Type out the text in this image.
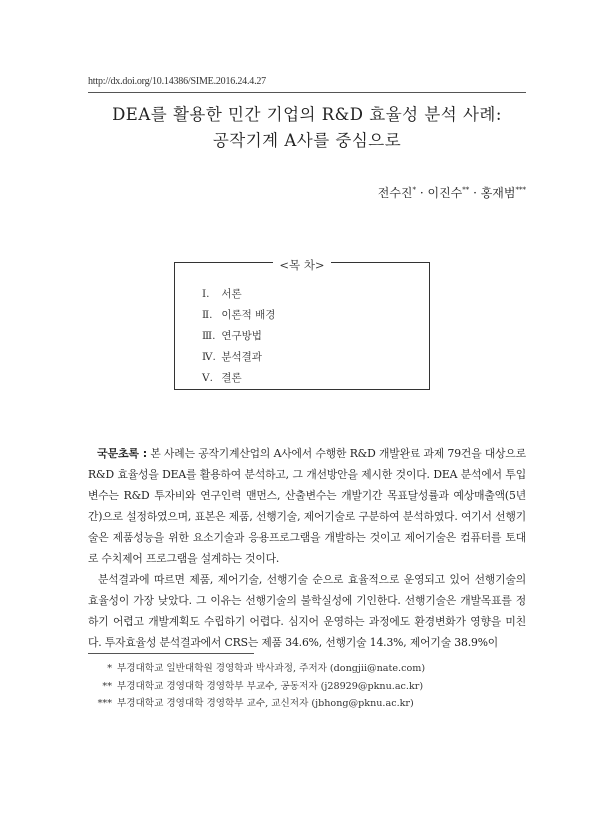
http://dx.doi.org/10.14386/SIME.2016.24.4.27
DEA를 활용한 민간 기업의 R&D 효율성 분석 사례:
공작기계 A사를 중심으로
전수진* · 이진수** · 홍재범***
<목 차>
Ⅰ. 서론
Ⅱ. 이론적 배경
Ⅲ. 연구방법
Ⅳ. 분석결과
Ⅴ. 결론

국문초록 : 본 사례는 공작기계산업의 A사에서 수행한 R&D 개발완료 과제 79건을 대상으로 R&D 효율성을 DEA를 활용하여 분석하고, 그 개선방안을 제시한 것이다. DEA 분석에서 투입변수는 R&D 투자비와 연구인력 맨먼스, 산출변수는 개발기간 목표달성률과 예상매출액(5년간)으로 설정하였으며, 표본은 제품, 선행기술, 제어기술로 구분하여 분석하였다. 여기서 선행기술은 제품성능을 위한 요소기술과 응용프로그램을 개발하는 것이고 제어기술은 컴퓨터를 토대로 수치제어 프로그램을 설계하는 것이다.

분석결과에 따르면 제품, 제어기술, 선행기술 순으로 효율적으로 운영되고 있어 선행기술의 효율성이 가장 낮았다. 그 이유는 선행기술의 불학실성에 기인한다. 선행기술은 개발목표를 정하기 어렵고 개발계획도 수립하기 어렵다. 심지어 운영하는 과정에도 환경변화가 영향을 미친다. 투자효율성 분석결과에서 CRS는 제품 34.6%, 선행기술 14.3%, 제어기술 38.9%이

* 부경대학교 일반대학원 경영학과 박사과정, 주저자 (dongjii@nate.com)
** 부경대학교 경영대학 경영학부 부교수, 공동저자 (j28929@pknu.ac.kr)
*** 부경대학교 경영대학 경영학부 교수, 교신저자 (jbhong@pknu.ac.kr)
